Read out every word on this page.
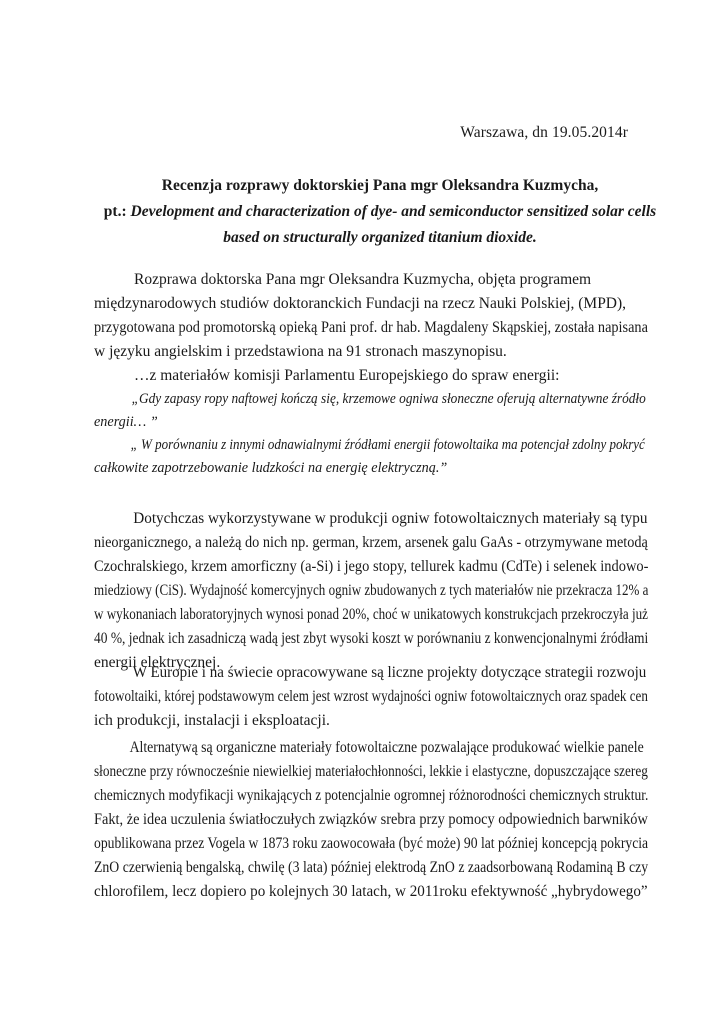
Warszawa, dn 19.05.2014r
Recenzja rozprawy doktorskiej Pana mgr Oleksandra Kuzmycha,
pt.: Development and characterization of dye- and semiconductor sensitized solar cells
based on structurally organized titanium dioxide.
Rozprawa doktorska Pana mgr Oleksandra Kuzmycha, objęta programem
międzynarodowych studiów doktoranckich Fundacji na rzecz Nauki Polskiej, (MPD),
przygotowana pod promotorską opieką Pani prof. dr hab. Magdaleny Skąpskiej, została napisana
w języku angielskim i przedstawiona na 91 stronach maszynopisu.
…z materiałów komisji Parlamentu Europejskiego do spraw energii:
„Gdy zapasy ropy naftowej kończą się, krzemowe ogniwa słoneczne oferują alternatywne źródło
energii… ”
„ W porównaniu z innymi odnawialnymi źródłami energii fotowoltaika ma potencjał zdolny pokryć
całkowite zapotrzebowanie ludzkości na energię elektryczną.”
Dotychczas wykorzystywane w produkcji ogniw fotowoltaicznych materiały są typu
nieorganicznego, a należą do nich np. german, krzem, arsenek galu GaAs - otrzymywane metodą
Czochralskiego, krzem amorficzny (a-Si) i jego stopy, tellurek kadmu (CdTe) i selenek indowo-
miedziowy (CiS). Wydajność komercyjnych ogniw zbudowanych z tych materiałów nie przekracza 12% a
w wykonaniach laboratoryjnych wynosi ponad 20%, choć w unikatowych konstrukcjach przekroczyła już
40 %, jednak ich zasadniczą wadą jest zbyt wysoki koszt w porównaniu z konwencjonalnymi źródłami
energii elektrycznej.
W Europie i na świecie opracowywane są liczne projekty dotyczące strategii rozwoju
fotowoltaiki, której podstawowym celem jest wzrost wydajności ogniw fotowoltaicznych oraz spadek cen
ich produkcji, instalacji i eksploatacji.
Alternatywą są organiczne materiały fotowoltaiczne pozwalające produkować wielkie panele
słoneczne przy równocześnie niewielkiej materiałochłonności, lekkie i elastyczne, dopuszczające szereg
chemicznych modyfikacji wynikających z potencjalnie ogromnej różnorodności chemicznych struktur.
Fakt, że idea uczulenia światłoczułych związków srebra przy pomocy odpowiednich barwników
opublikowana przez Vogela w 1873 roku zaowocowała (być może) 90 lat później koncepcją pokrycia
ZnO czerwienią bengalską, chwilę (3 lata) później elektrodą ZnO z zaadsorbowaną Rodaminą B czy
chlorofilem, lecz dopiero po kolejnych 30 latach, w 2011roku efektywność „hybrydowego”
